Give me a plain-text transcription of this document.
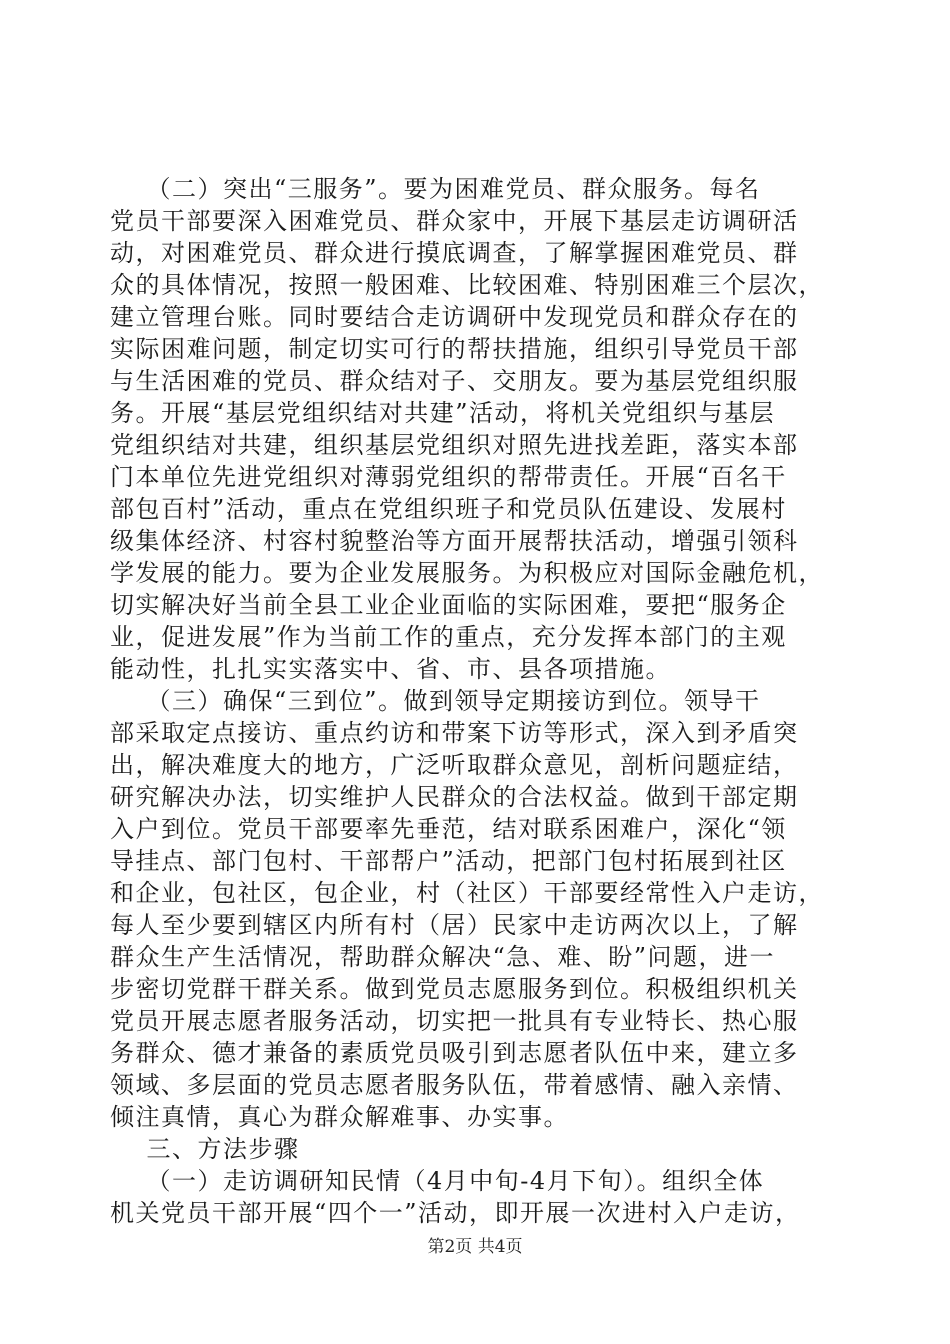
（二）突出“三服务”。要为困难党员、群众服务。每名
党员干部要深入困难党员、群众家中，开展下基层走访调研活
动，对困难党员、群众进行摸底调查，了解掌握困难党员、群
众的具体情况，按照一般困难、比较困难、特别困难三个层次，
建立管理台账。同时要结合走访调研中发现党员和群众存在的
实际困难问题，制定切实可行的帮扶措施，组织引导党员干部
与生活困难的党员、群众结对子、交朋友。要为基层党组织服
务。开展“基层党组织结对共建”活动，将机关党组织与基层
党组织结对共建，组织基层党组织对照先进找差距，落实本部
门本单位先进党组织对薄弱党组织的帮带责任。开展“百名干
部包百村”活动，重点在党组织班子和党员队伍建设、发展村
级集体经济、村容村貌整治等方面开展帮扶活动，增强引领科
学发展的能力。要为企业发展服务。为积极应对国际金融危机，
切实解决好当前全县工业企业面临的实际困难，要把“服务企
业，促进发展”作为当前工作的重点，充分发挥本部门的主观
能动性，扎扎实实落实中、省、市、县各项措施。
（三）确保“三到位”。做到领导定期接访到位。领导干
部采取定点接访、重点约访和带案下访等形式，深入到矛盾突
出，解决难度大的地方，广泛听取群众意见，剖析问题症结，
研究解决办法，切实维护人民群众的合法权益。做到干部定期
入户到位。党员干部要率先垂范，结对联系困难户，深化“领
导挂点、部门包村、干部帮户”活动，把部门包村拓展到社区
和企业，包社区，包企业，村（社区）干部要经常性入户走访，
每人至少要到辖区内所有村（居）民家中走访两次以上，了解
群众生产生活情况，帮助群众解决“急、难、盼”问题，进一
步密切党群干群关系。做到党员志愿服务到位。积极组织机关
党员开展志愿者服务活动，切实把一批具有专业特长、热心服
务群众、德才兼备的素质党员吸引到志愿者队伍中来，建立多
领域、多层面的党员志愿者服务队伍，带着感情、融入亲情、
倾注真情，真心为群众解难事、办实事。
三、方法步骤
（一）走访调研知民情（4月中旬-4月下旬）。组织全体
机关党员干部开展“四个一”活动，即开展一次进村入户走访，
第2页 共4页
